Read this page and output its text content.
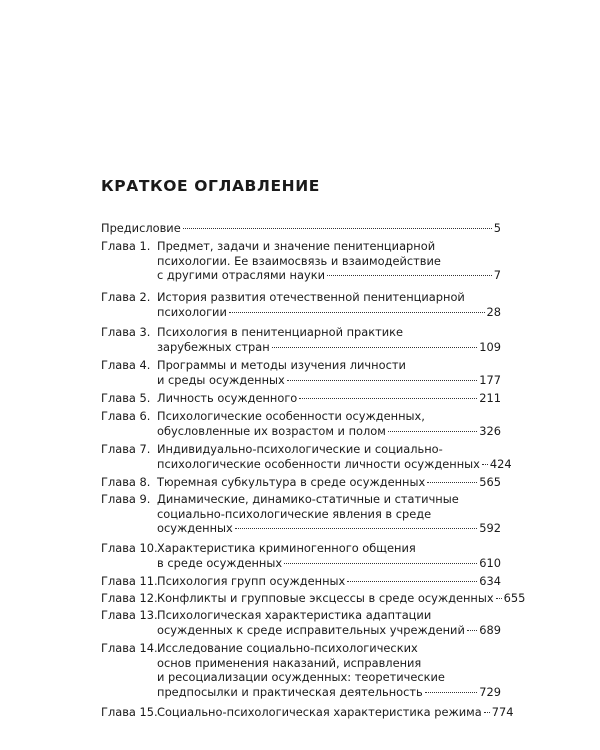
КРАТКОЕ ОГЛАВЛЕНИЕ
Предисловие	5
Глава 1. Предмет, задачи и значение пенитенциарной
психологии. Ее взаимосвязь и взаимодействие
с другими отраслями науки	7
Глава 2. История развития отечественной пенитенциарной
психологии	28
Глава 3. Психология в пенитенциарной практике
зарубежных стран	109
Глава 4. Программы и методы изучения личности
и среды осужденных	177
Глава 5. Личность осужденного	211
Глава 6. Психологические особенности осужденных,
обусловленные их возрастом и полом	326
Глава 7. Индивидуально-психологические и социально-
психологические особенности личности осужденных 424
Глава 8. Тюремная субкультура в среде осужденных	565
Глава 9. Динамические, динамико-статичные и статичные
социально-психологические явления в среде
осужденных	592
Глава 10. Характеристика криминогенного общения
в среде осужденных	610
Глава 11. Психология групп осужденных	634
Глава 12. Конфликты и групповые эксцессы в среде осужденных 655
Глава 13. Психологическая характеристика адаптации
осужденных к среде исправительных учреждений 689
Глава 14. Исследование социально-психологических
основ применения наказаний, исправления
и ресоциализации осужденных: теоретические
предпосылки и практическая деятельность	729
Глава 15. Социально-психологическая характеристика режима 774
